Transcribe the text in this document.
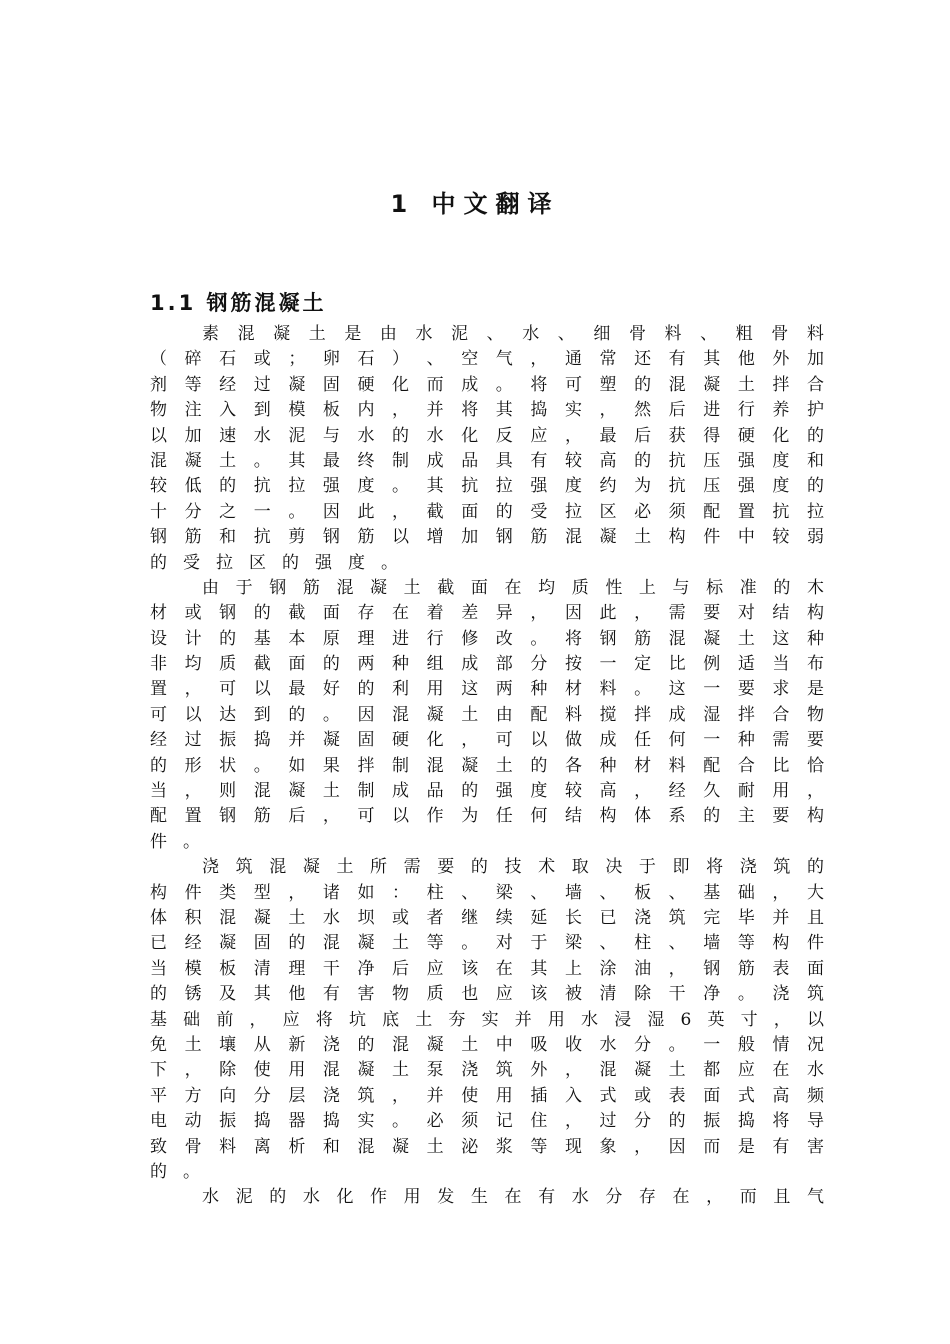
1 中文翻译
1.1 钢筋混凝土
素 混 凝 土 是 由 水 泥 、 水 、 细 骨 料 、 粗 骨 料
（ 碎 石 或 ； 卵 石 ） 、 空 气 ， 通 常 还 有 其 他 外 加
剂 等 经 过 凝 固 硬 化 而 成 。 将 可 塑 的 混 凝 土 拌 合
物 注 入 到 模 板 内 ， 并 将 其 捣 实 ， 然 后 进 行 养 护
以 加 速 水 泥 与 水 的 水 化 反 应 ， 最 后 获 得 硬 化 的
混 凝 土 。 其 最 终 制 成 品 具 有 较 高 的 抗 压 强 度 和
较 低 的 抗 拉 强 度 。 其 抗 拉 强 度 约 为 抗 压 强 度 的
十 分 之 一 。 因 此 ， 截 面 的 受 拉 区 必 须 配 置 抗 拉
钢 筋 和 抗 剪 钢 筋 以 增 加 钢 筋 混 凝 土 构 件 中 较 弱
的 受 拉 区 的 强 度 。
由 于 钢 筋 混 凝 土 截 面 在 均 质 性 上 与 标 准 的 木
材 或 钢 的 截 面 存 在 着 差 异 ， 因 此 ， 需 要 对 结 构
设 计 的 基 本 原 理 进 行 修 改 。 将 钢 筋 混 凝 土 这 种
非 均 质 截 面 的 两 种 组 成 部 分 按 一 定 比 例 适 当 布
置 ， 可 以 最 好 的 利 用 这 两 种 材 料 。 这 一 要 求 是
可 以 达 到 的 。 因 混 凝 土 由 配 料 搅 拌 成 湿 拌 合 物
经 过 振 捣 并 凝 固 硬 化 ， 可 以 做 成 任 何 一 种 需 要
的 形 状 。 如 果 拌 制 混 凝 土 的 各 种 材 料 配 合 比 恰
当 ， 则 混 凝 土 制 成 品 的 强 度 较 高 ， 经 久 耐 用 ，
配 置 钢 筋 后 ， 可 以 作 为 任 何 结 构 体 系 的 主 要 构
件 。
浇 筑 混 凝 土 所 需 要 的 技 术 取 决 于 即 将 浇 筑 的
构 件 类 型 ， 诸 如 ： 柱 、 梁 、 墙 、 板 、 基 础 ， 大
体 积 混 凝 土 水 坝 或 者 继 续 延 长 已 浇 筑 完 毕 并 且
已 经 凝 固 的 混 凝 土 等 。 对 于 梁 、 柱 、 墙 等 构 件
当 模 板 清 理 干 净 后 应 该 在 其 上 涂 油 ， 钢 筋 表 面
的 锈 及 其 他 有 害 物 质 也 应 该 被 清 除 干 净 。 浇 筑
基 础 前 ， 应 将 坑 底 土 夯 实 并 用 水 浸 湿 6 英 寸 ， 以
免 土 壤 从 新 浇 的 混 凝 土 中 吸 收 水 分 。 一 般 情 况
下 ， 除 使 用 混 凝 土 泵 浇 筑 外 ， 混 凝 土 都 应 在 水
平 方 向 分 层 浇 筑 ， 并 使 用 插 入 式 或 表 面 式 高 频
电 动 振 捣 器 捣 实 。 必 须 记 住 ， 过 分 的 振 捣 将 导
致 骨 料 离 析 和 混 凝 土 泌 浆 等 现 象 ， 因 而 是 有 害
的 。
水 泥 的 水 化 作 用 发 生 在 有 水 分 存 在 ， 而 且 气
